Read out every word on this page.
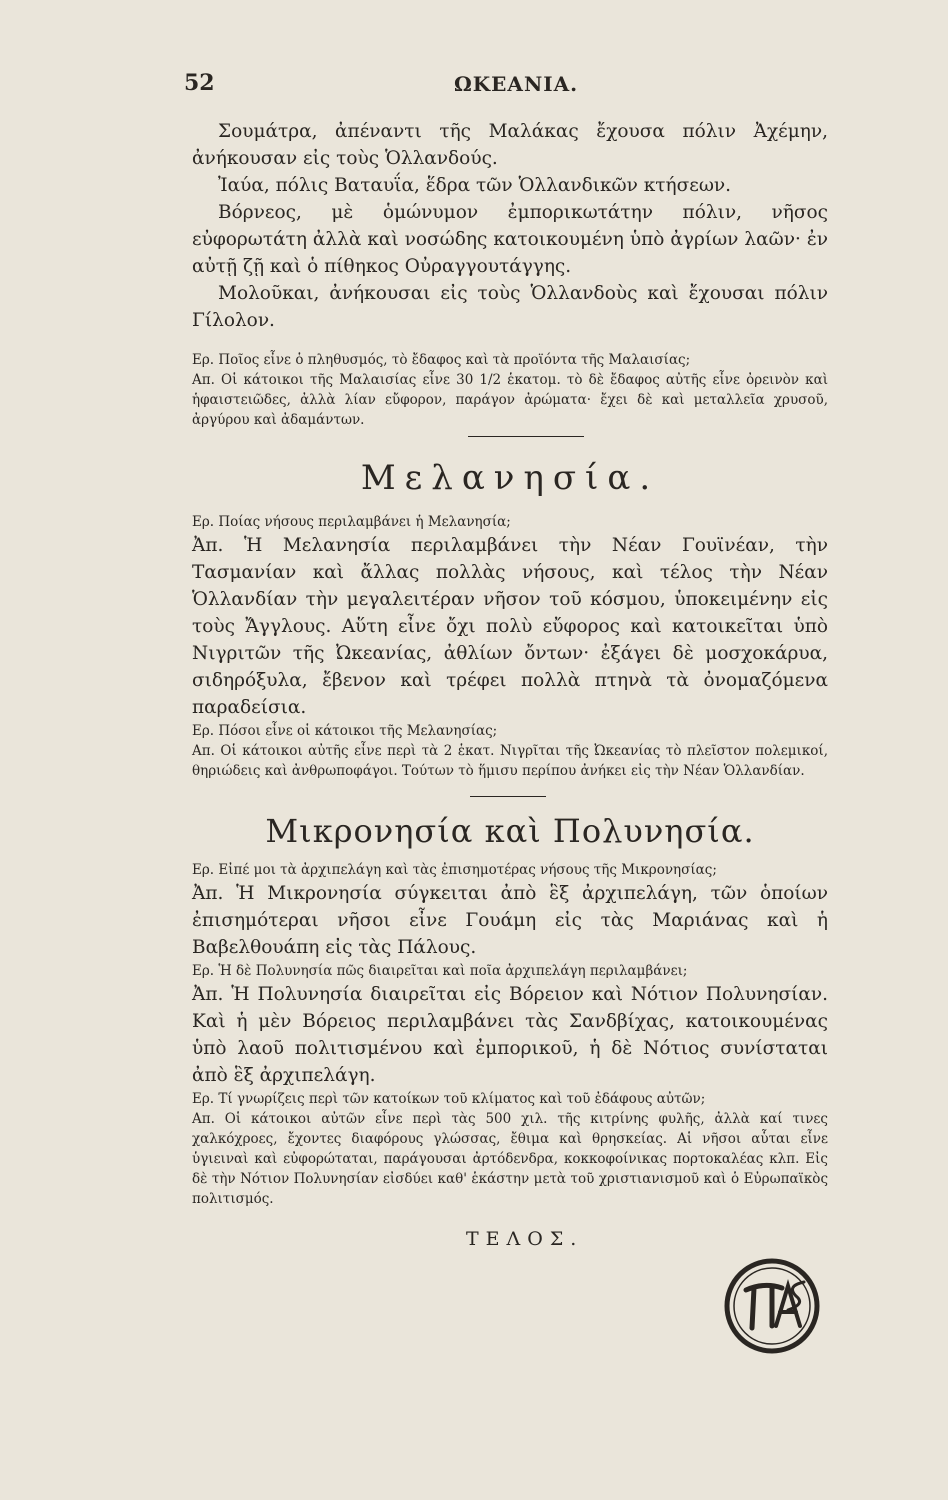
52	ΩΚΕΑΝΙΑ.

Σουμάτρα, ἀπέναντι τῆς Μαλάκας ἔχουσα πόλιν Ἀχέμην, ἀνήκουσαν εἰς τοὺς Ὁλλανδούς.

Ἰαύα, πόλις Βαταυΐα, ἕδρα τῶν Ὁλλανδικῶν κτήσεων.

Βόρνεος, μὲ ὁμώνυμον ἐμπορικωτάτην πόλιν, νῆσος εὐφορωτάτη ἀλλὰ καὶ νοσώδης κατοικουμένη ὑπὸ ἀγρίων λαῶν· ἐν αὐτῇ ζῇ καὶ ὁ πίθηκος Οὐραγγουτάγγης.

Μολοῦκαι, ἀνήκουσαι εἰς τοὺς Ὁλλανδοὺς καὶ ἔχουσαι πόλιν Γίλολον.

Ερ. Ποῖος εἶνε ὁ πληθυσμός, τὸ ἔδαφος καὶ τὰ προϊόντα τῆς Μαλαισίας;

Απ. Οἱ κάτοικοι τῆς Μαλαισίας εἶνε 30 1/2 ἑκατομ. τὸ δὲ ἔδαφος αὐτῆς εἶνε ὀρεινὸν καὶ ἡφαιστειῶδες, ἀλλὰ λίαν εὔφορον, παράγον ἀρώματα· ἔχει δὲ καὶ μεταλλεῖα χρυσοῦ, ἀργύρου καὶ ἀδαμάντων.

Μελανησία.

Ερ. Ποίας νήσους περιλαμβάνει ἡ Μελανησία;

Ἀπ. Ἡ Μελανησία περιλαμβάνει τὴν Νέαν Γουϊνέαν, τὴν Τασμανίαν καὶ ἄλλας πολλὰς νήσους, καὶ τέλος τὴν Νέαν Ὁλλανδίαν τὴν μεγαλειτέραν νῆσον τοῦ κόσμου, ὑποκειμένην εἰς τοὺς Ἄγγλους. Αὕτη εἶνε ὄχι πολὺ εὔφορος καὶ κατοικεῖται ὑπὸ Νιγριτῶν τῆς Ὠκεανίας, ἀθλίων ὄντων· ἐξάγει δὲ μοσχοκάρυα, σιδηρόξυλα, ἔβενον καὶ τρέφει πολλὰ πτηνὰ τὰ ὀνομαζόμενα παραδείσια.

Ερ. Πόσοι εἶνε οἱ κάτοικοι τῆς Μελανησίας;

Απ. Οἱ κάτοικοι αὐτῆς εἶνε περὶ τὰ 2 ἑκατ. Νιγρῖται τῆς Ὠκεανίας τὸ πλεῖστον πολεμικοί, θηριώδεις καὶ ἀνθρωποφάγοι. Τούτων τὸ ἥμισυ περίπου ἀνήκει εἰς τὴν Νέαν Ὁλλανδίαν.

Μικρονησία καὶ Πολυνησία.

Ερ. Εἰπέ μοι τὰ ἀρχιπελάγη καὶ τὰς ἐπισημοτέρας νήσους τῆς Μικρονησίας;

Ἀπ. Ἡ Μικρονησία σύγκειται ἀπὸ ἓξ ἀρχιπελάγη, τῶν ὁποίων ἐπισημότεραι νῆσοι εἶνε Γουάμη εἰς τὰς Μαριάνας καὶ ἡ Βαβελθουάπη εἰς τὰς Πάλους.

Ερ. Ἡ δὲ Πολυνησία πῶς διαιρεῖται καὶ ποῖα ἀρχιπελάγη περιλαμβάνει;

Ἀπ. Ἡ Πολυνησία διαιρεῖται εἰς Βόρειον καὶ Νότιον Πολυνησίαν. Καὶ ἡ μὲν Βόρειος περιλαμβάνει τὰς Σανδβίχας, κατοικουμένας ὑπὸ λαοῦ πολιτισμένου καὶ ἐμπορικοῦ, ἡ δὲ Νότιος συνίσταται ἀπὸ ἓξ ἀρχιπελάγη.

Ερ. Τί γνωρίζεις περὶ τῶν κατοίκων τοῦ κλίματος καὶ τοῦ ἐδάφους αὐτῶν;

Απ. Οἱ κάτοικοι αὐτῶν εἶνε περὶ τὰς 500 χιλ. τῆς κιτρίνης φυλῆς, ἀλλὰ καί τινες χαλκόχροες, ἔχοντες διαφόρους γλώσσας, ἔθιμα καὶ θρησκείας. Αἱ νῆσοι αὗται εἶνε ὑγιειναὶ καὶ εὐφορώταται, παράγουσαι ἀρτόδενδρα, κοκκοφοίνικας πορτοκαλέας κλπ. Εἰς δὲ τὴν Νότιον Πολυνησίαν εἰσδύει καθ' ἑκάστην μετὰ τοῦ χριστιανισμοῦ καὶ ὁ Εὐρωπαϊκὸς πολιτισμός.

ΤΕΛΟΣ.
